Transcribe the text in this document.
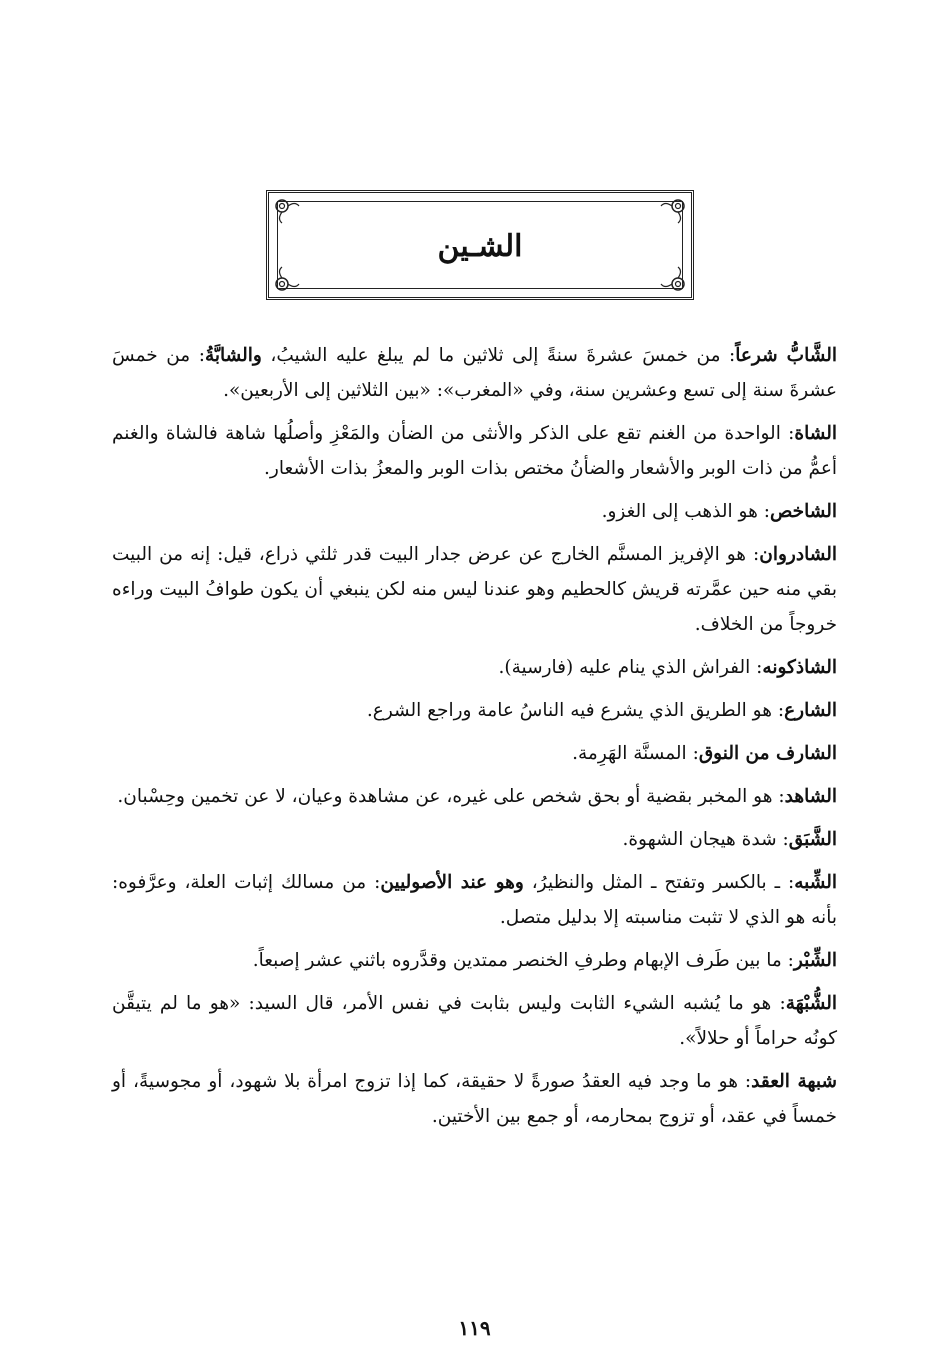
الشـين

الشَّابُّ شرعاً: من خمسَ عشرةَ سنةً إلى ثلاثين ما لم يبلغ عليه الشيبُ، والشابَّةُ: من خمسَ عشرةَ سنة إلى تسع وعشرين سنة، وفي «المغرب»: «بين الثلاثين إلى الأربعين».

الشاة: الواحدة من الغنم تقع على الذكر والأنثى من الضأن والمَعْزِ وأصلُها شاهة فالشاة والغنم أعمُّ من ذات الوبر والأشعار والضأنُ مختص بذات الوبر والمعزُ بذات الأشعار.

الشاخص: هو الذهب إلى الغزو.

الشادروان: هو الإفريز المسنَّم الخارج عن عرض جدار البيت قدر ثلثي ذراع، قيل: إنه من البيت بقي منه حين عمَّرته قريش كالحطيم وهو عندنا ليس منه لكن ينبغي أن يكون طوافُ البيت وراءه خروجاً من الخلاف.

الشاذكونه: الفراش الذي ينام عليه (فارسية).

الشارع: هو الطريق الذي يشرع فيه الناسُ عامة وراجع الشرع.

الشارف من النوق: المسنَّة الهَرِمة.

الشاهد: هو المخبر بقضية أو بحق شخص على غيره، عن مشاهدة وعيان، لا عن تخمين وحِسْبان.

الشَّبَق: شدة هيجان الشهوة.

الشِّبه: ـ بالكسر وتفتح ـ المثل والنظيرُ، وهو عند الأصوليين: من مسالك إثبات العلة، وعرَّفوه: بأنه هو الذي لا تثبت مناسبته إلا بدليل متصل.

الشِّبْر: ما بين طَرف الإبهام وطرفِ الخنصر ممتدين وقدَّروه باثني عشر إصبعاً.

الشُّبْهَة: هو ما يُشبه الشيء الثابت وليس بثابت في نفس الأمر، قال السيد: «هو ما لم يتيقَّن كونُه حراماً أو حلالاً».

شبهة العقد: هو ما وجد فيه العقدُ صورةً لا حقيقة، كما إذا تزوج امرأة بلا شهود، أو مجوسيةً، أو خمساً في عقد، أو تزوج بمحارمه، أو جمع بين الأختين.

١١٩
